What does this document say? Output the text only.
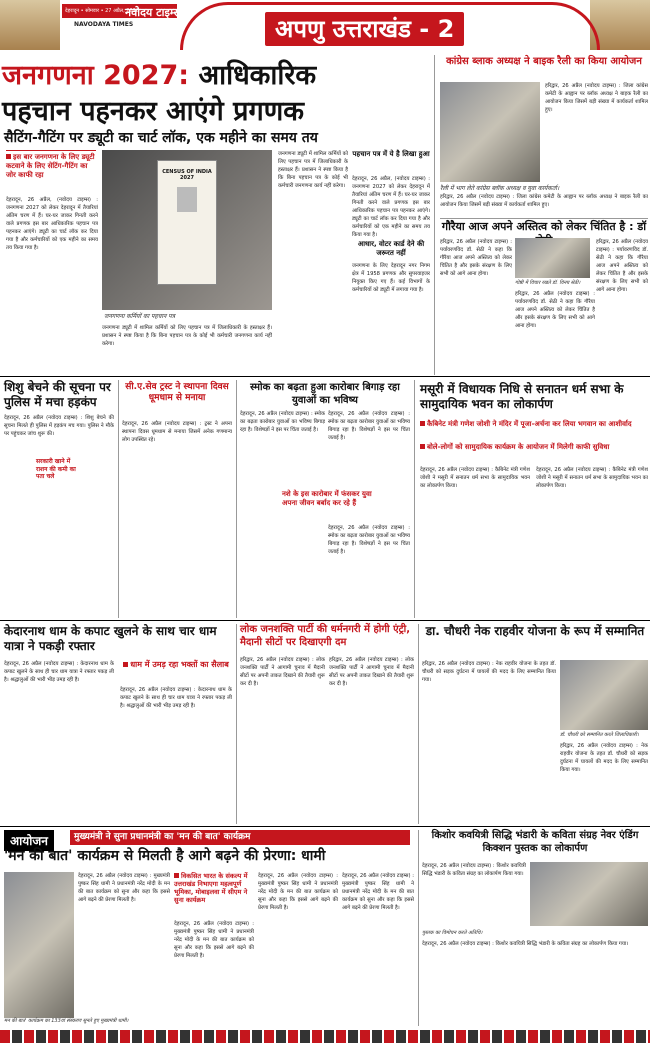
देहरादून • सोमवार • 27 अप्रैल, 2026
नवोदय टाइम्स
NAVODAYA TIMES	अपणु उत्तराखंड - 2
जनगणना 2027: आधिकारिक
पहचान पहनकर आएंगे प्रगणक
सैटिंग-गैटिंग पर ड्यूटी का चार्ट लॉक, एक महीने का समय तय
इस बार जनगणना के लिए ड्यूटी कटवाने के लिए सेटिंग-गैटिंग का जोर काफी रहा
देहरादून, 26 अप्रैल, (नवोदय टाइम्स) : जनगणना 2027 को लेकर देहरादून में तैयारियां अंतिम चरण में हैं। घर-घर जाकर गिनती करने वाले प्रगणक इस बार आधिकारिक पहचान पत्र पहनकर आएंगे। ड्यूटी का चार्ट लॉक कर दिया गया है और कर्मचारियों को एक महीने का समय तय किया गया है।
CENSUS OF INDIA 2027
जनगणना कर्मियों का पहचान पत्र
जनगणना ड्यूटी में शामिल कर्मियों को लिए पहचान पत्र में जिलाधिकारी के हस्ताक्षर हैं। प्रशासन ने स्पष्ट किया है कि बिना पहचान पत्र के कोई भी कर्मचारी जनगणना कार्य नहीं करेगा।
जनगणना ड्यूटी में शामिल कर्मियों को लिए पहचान पत्र में जिलाधिकारी के हस्ताक्षर हैं। प्रशासन ने स्पष्ट किया है कि बिना पहचान पत्र के कोई भी कर्मचारी जनगणना कार्य नहीं करेगा।
पहचान पत्र में ये है लिखा हुआ
देहरादून, 26 अप्रैल, (नवोदय टाइम्स) : जनगणना 2027 को लेकर देहरादून में तैयारियां अंतिम चरण में हैं। घर-घर जाकर गिनती करने वाले प्रगणक इस बार आधिकारिक पहचान पत्र पहनकर आएंगे। ड्यूटी का चार्ट लॉक कर दिया गया है और कर्मचारियों को एक महीने का समय तय किया गया है।
आधार, वोटर कार्ड देने की जरूरत नहीं
जनगणना के लिए देहरादून नगर निगम क्षेत्र में 1958 प्रगणक और सुपरवाइजर नियुक्त किए गए हैं। कई विभागों के कर्मचारियों को ड्यूटी में लगाया गया है।
कांग्रेस ब्लाक अध्यक्ष ने बाइक रैली का किया आयोजन
रैली में भाग लेते कांग्रेस ब्लॉक अध्यक्ष व युवा कार्यकर्ता।
हरिद्वार, 26 अप्रैल (नवोदय टाइम्स) : जिला कांग्रेस कमेटी के आह्वान पर ब्लॉक अध्यक्ष ने बाइक रैली का आयोजन किया जिसमें बड़ी संख्या में कार्यकर्ता शामिल हुए।
हरिद्वार, 26 अप्रैल (नवोदय टाइम्स) : जिला कांग्रेस कमेटी के आह्वान पर ब्लॉक अध्यक्ष ने बाइक रैली का आयोजन किया जिसमें बड़ी संख्या में कार्यकर्ता शामिल हुए।
गौरैया आज अपने अस्तित्व को लेकर चिंतित है : डॉ
हरिद्वार, 26 अप्रैल (नवोदय टाइम्स) : पर्यावरणविद डॉ. सेठी ने कहा कि गौरैया आज अपने अस्तित्व को लेकर चिंतित है और इसके संरक्षण के लिए सभी को आगे आना होगा।
गोष्ठी में विचार रखते डॉ. विनय सेठी।
हरिद्वार, 26 अप्रैल (नवोदय टाइम्स) : पर्यावरणविद डॉ. सेठी ने कहा कि गौरैया आज अपने अस्तित्व को लेकर चिंतित है और इसके संरक्षण के लिए सभी को आगे आना होगा।
हरिद्वार, 26 अप्रैल (नवोदय टाइम्स) : पर्यावरणविद डॉ. सेठी ने कहा कि गौरैया आज अपने अस्तित्व को लेकर चिंतित है और इसके संरक्षण के लिए सभी को आगे आना होगा।
शिशु बेचने की सूचना पर पुलिस में मचा हड़कंप
देहरादून, 26 अप्रैल (नवोदय टाइम्स) : शिशु बेचने की सूचना मिलते ही पुलिस में हड़कंप मच गया। पुलिस ने मौके पर पहुंचकर जांच शुरू की।
सरकारी खाने में राशन की कमी का पता चले
सी.ए.सेव ट्रस्ट ने स्थापना दिवस धूमधाम से मनाया
देहरादून, 26 अप्रैल (नवोदय टाइम्स) : ट्रस्ट ने अपना स्थापना दिवस धूमधाम से मनाया जिसमें अनेक गणमान्य लोग उपस्थित रहे।
स्मोक का बढ़ता हुआ कारोबार बिगाड़ रहा युवाओं का भविष्य
देहरादून, 26 अप्रैल (नवोदय टाइम्स) : स्मोक का बढ़ता कारोबार युवाओं का भविष्य बिगाड़ रहा है। विशेषज्ञों ने इस पर चिंता जताई है।
नशे के इस कारोबार में फंसकर युवा अपना जीवन बर्बाद कर रहे हैं
देहरादून, 26 अप्रैल (नवोदय टाइम्स) : स्मोक का बढ़ता कारोबार युवाओं का भविष्य बिगाड़ रहा है। विशेषज्ञों ने इस पर चिंता जताई है।
देहरादून, 26 अप्रैल (नवोदय टाइम्स) : स्मोक का बढ़ता कारोबार युवाओं का भविष्य बिगाड़ रहा है। विशेषज्ञों ने इस पर चिंता जताई है।
मसूरी में विधायक निधि से सनातन धर्म सभा के सामुदायिक भवन का लोकार्पण
कैबिनेट मंत्री गणेश जोशी ने मंदिर में पूजा-अर्चना कर लिया भगवान का आशीर्वाद
बोले-लोगों को सामुदायिक कार्यक्रम के आयोजन में मिलेगी काफी सुविधा
देहरादून, 26 अप्रैल (नवोदय टाइम्स) : कैबिनेट मंत्री गणेश जोशी ने मसूरी में सनातन धर्म सभा के सामुदायिक भवन का लोकार्पण किया।
देहरादून, 26 अप्रैल (नवोदय टाइम्स) : कैबिनेट मंत्री गणेश जोशी ने मसूरी में सनातन धर्म सभा के सामुदायिक भवन का लोकार्पण किया।
केदारनाथ धाम के कपाट खुलने के साथ चार धाम यात्रा ने पकड़ी रफ्तार
देहरादून, 26 अप्रैल (नवोदय टाइम्स) : केदारनाथ धाम के कपाट खुलने के साथ ही चार धाम यात्रा ने रफ्तार पकड़ ली है। श्रद्धालुओं की भारी भीड़ उमड़ रही है।
धाम में उमड़ रहा भक्तों का सैलाब
देहरादून, 26 अप्रैल (नवोदय टाइम्स) : केदारनाथ धाम के कपाट खुलने के साथ ही चार धाम यात्रा ने रफ्तार पकड़ ली है। श्रद्धालुओं की भारी भीड़ उमड़ रही है।
लोक जनशक्ति पार्टी की धर्मनगरी में होगी एंट्री, मैदानी सीटों पर दिखाएगी दम
हरिद्वार, 26 अप्रैल (नवोदय टाइम्स) : लोक जनशक्ति पार्टी ने आगामी चुनाव में मैदानी सीटों पर अपनी ताकत दिखाने की तैयारी शुरू कर दी है।
हरिद्वार, 26 अप्रैल (नवोदय टाइम्स) : लोक जनशक्ति पार्टी ने आगामी चुनाव में मैदानी सीटों पर अपनी ताकत दिखाने की तैयारी शुरू कर दी है।
डा. चौधरी नेक राहवीर योजना के रूप में सम्मानित
डॉ. चौधरी को सम्मानित करते जिलाधिकारी।
हरिद्वार, 26 अप्रैल (नवोदय टाइम्स) : नेक राहवीर योजना के तहत डॉ. चौधरी को सड़क दुर्घटना में घायलों की मदद के लिए सम्मानित किया गया।
हरिद्वार, 26 अप्रैल (नवोदय टाइम्स) : नेक राहवीर योजना के तहत डॉ. चौधरी को सड़क दुर्घटना में घायलों की मदद के लिए सम्मानित किया गया।
आयोजन	मुख्यमंत्री ने सुना प्रधानमंत्री का 'मन की बात' कार्यक्रम
'मन की बात' कार्यक्रम से मिलती है आगे बढ़ने की प्रेरणा: धामी
देहरादून, 26 अप्रैल (नवोदय टाइम्स) : मुख्यमंत्री पुष्कर सिंह धामी ने प्रधानमंत्री नरेंद्र मोदी के मन की बात कार्यक्रम को सुना और कहा कि इससे आगे बढ़ने की प्रेरणा मिलती है।
विकसित भारत के संकल्प में उत्तराखंड निभाएगा महत्वपूर्ण भूमिका, मोबाइलवा में सीएम ने सुना कार्यक्रम
देहरादून, 26 अप्रैल (नवोदय टाइम्स) : मुख्यमंत्री पुष्कर सिंह धामी ने प्रधानमंत्री नरेंद्र मोदी के मन की बात कार्यक्रम को सुना और कहा कि इससे आगे बढ़ने की प्रेरणा मिलती है।
देहरादून, 26 अप्रैल (नवोदय टाइम्स) : मुख्यमंत्री पुष्कर सिंह धामी ने प्रधानमंत्री नरेंद्र मोदी के मन की बात कार्यक्रम को सुना और कहा कि इससे आगे बढ़ने की प्रेरणा मिलती है।
देहरादून, 26 अप्रैल (नवोदय टाइम्स) : मुख्यमंत्री पुष्कर सिंह धामी ने प्रधानमंत्री नरेंद्र मोदी के मन की बात कार्यक्रम को सुना और कहा कि इससे आगे बढ़ने की प्रेरणा मिलती है।
मन की बात' कार्यक्रम का 133वां संस्करण सुनते हुए मुख्यमंत्री धामी।
किशोर कवयित्री सिद्धि भंडारी के कविता संग्रह नेवर एंडिंग किक्शन पुस्तक का लोकार्पण
देहरादून, 26 अप्रैल (नवोदय टाइम्स) : किशोर कवयित्री सिद्धि भंडारी के कविता संग्रह का लोकार्पण किया गया।
पुस्तक का विमोचन करते अतिथि।
देहरादून, 26 अप्रैल (नवोदय टाइम्स) : किशोर कवयित्री सिद्धि भंडारी के कविता संग्रह का लोकार्पण किया गया।
